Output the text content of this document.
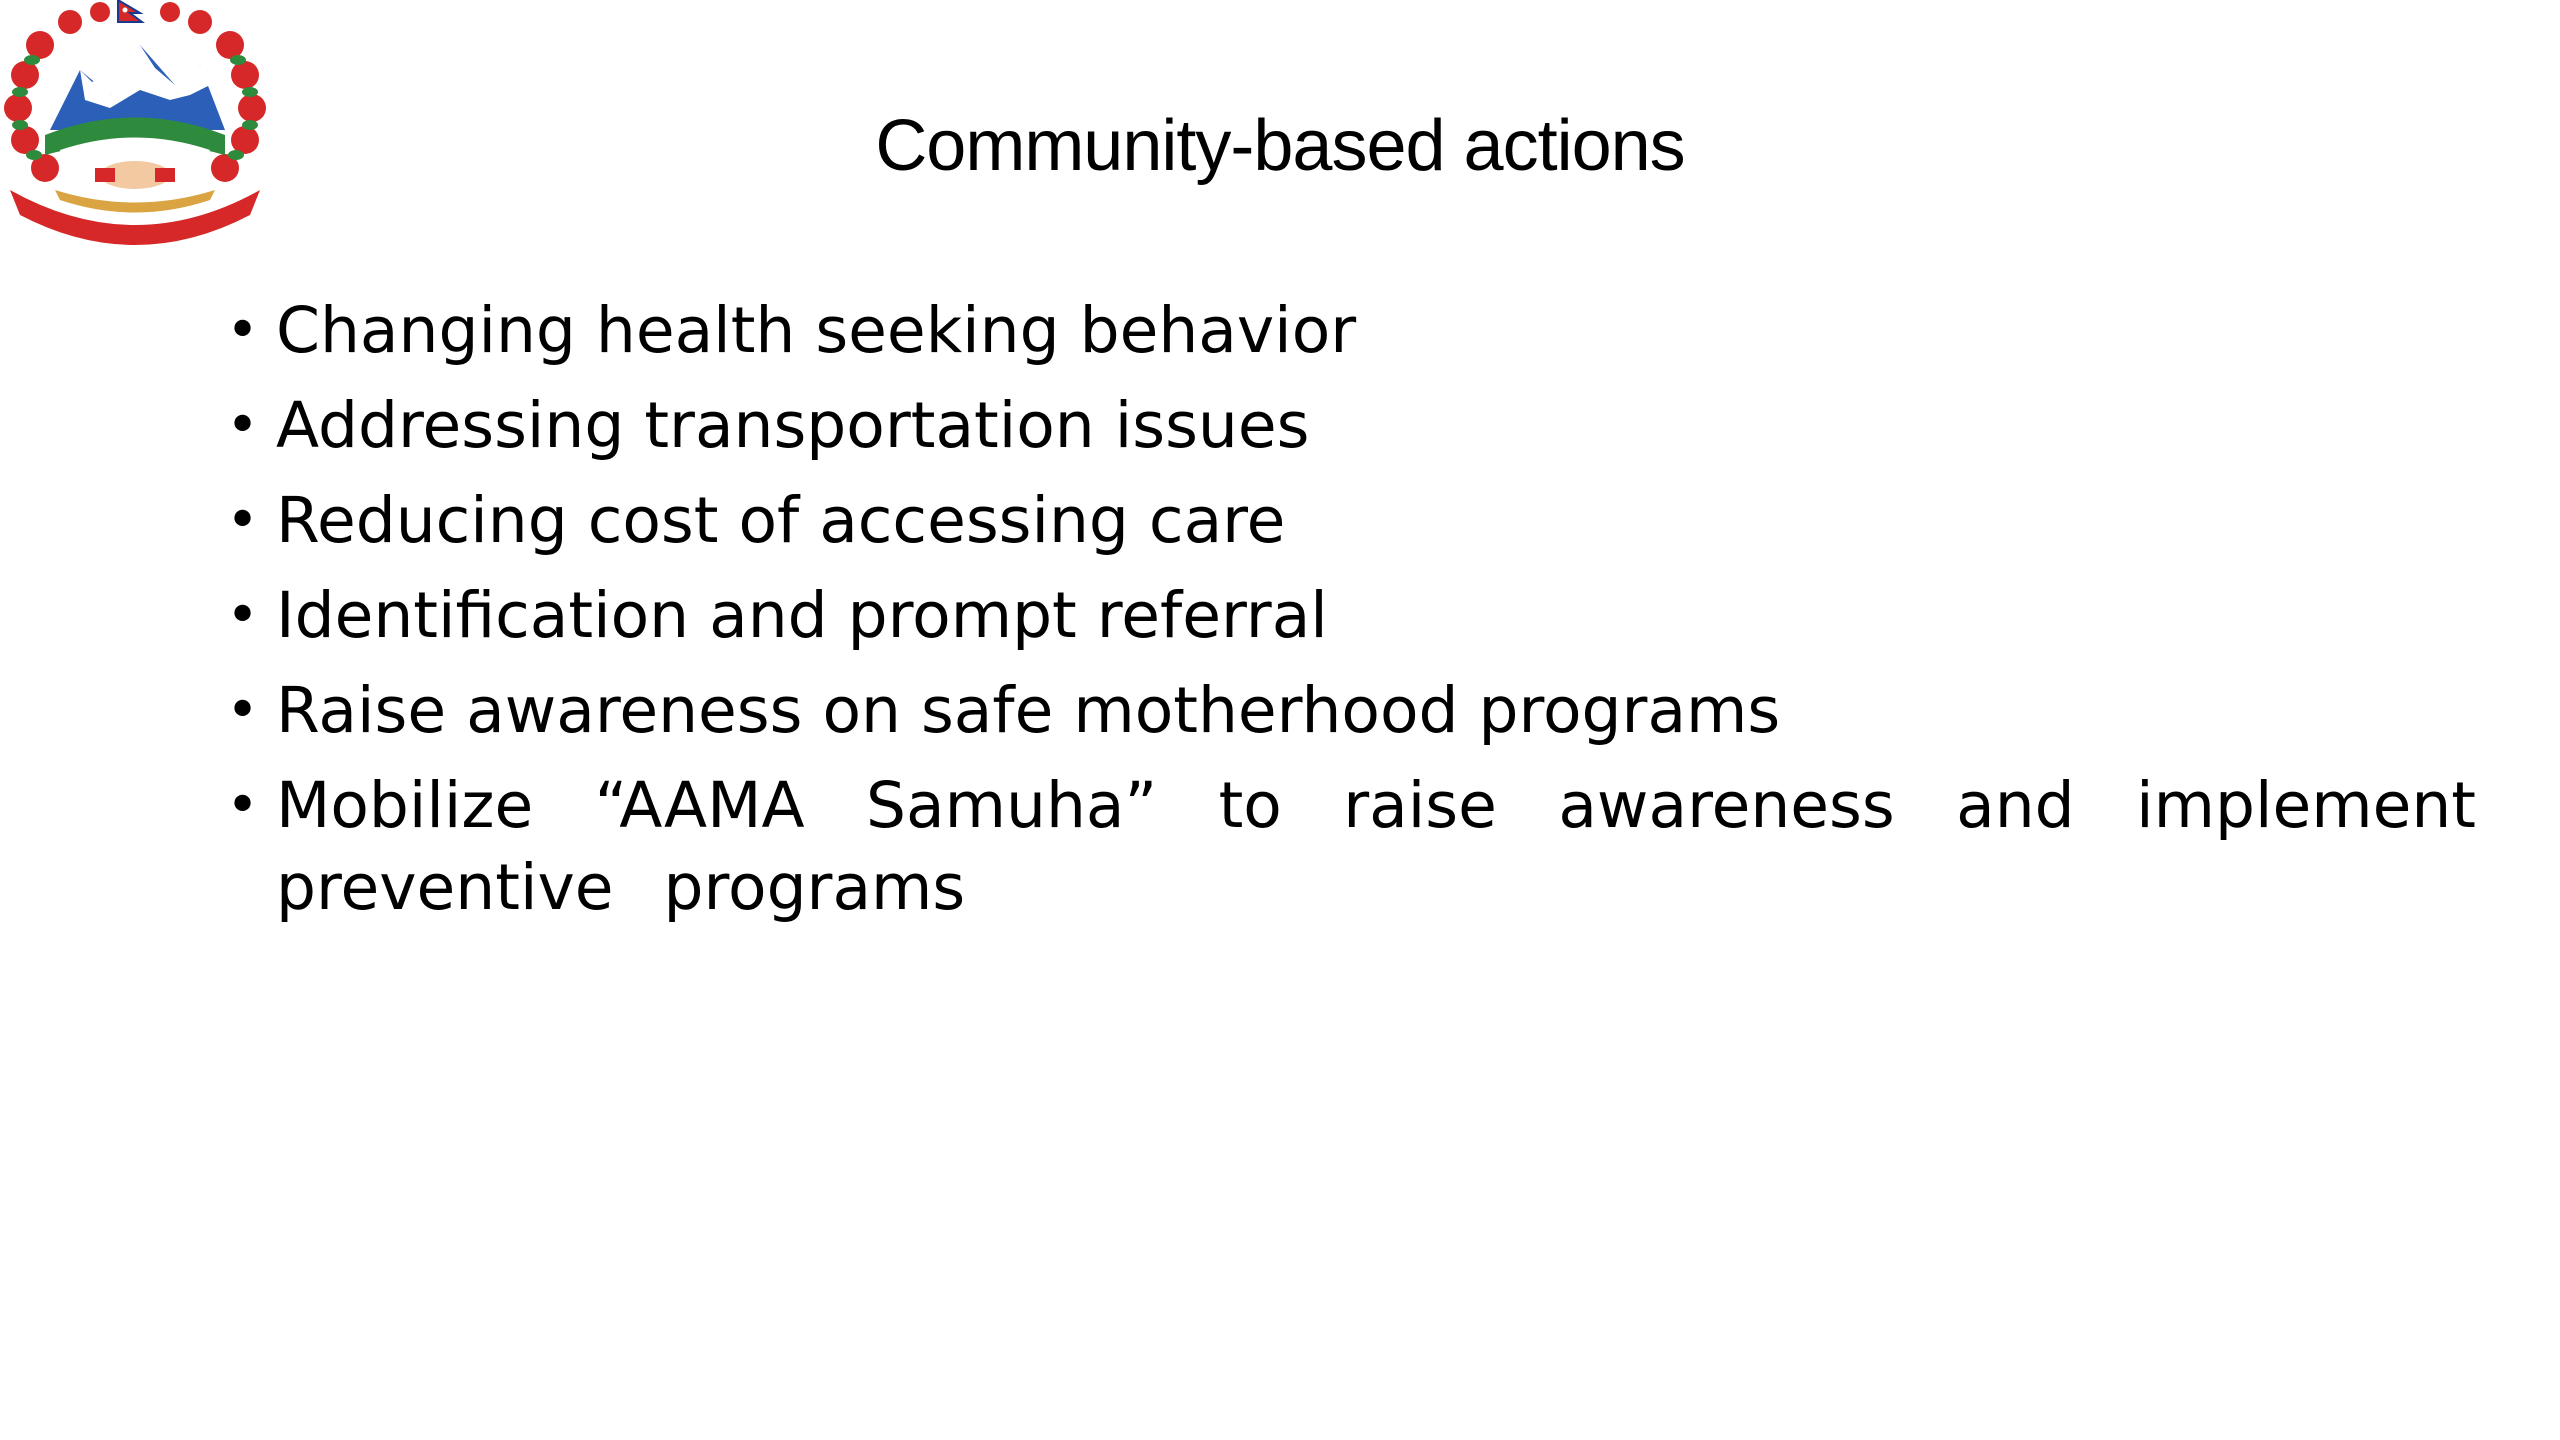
Community-based actions
• Changing health seeking behavior
• Addressing transportation issues
• Reducing cost of accessing care
• Identification and prompt referral
• Raise awareness on safe motherhood programs
• Mobilize “AAMA Samuha” to raise awareness and implement preventive programs
